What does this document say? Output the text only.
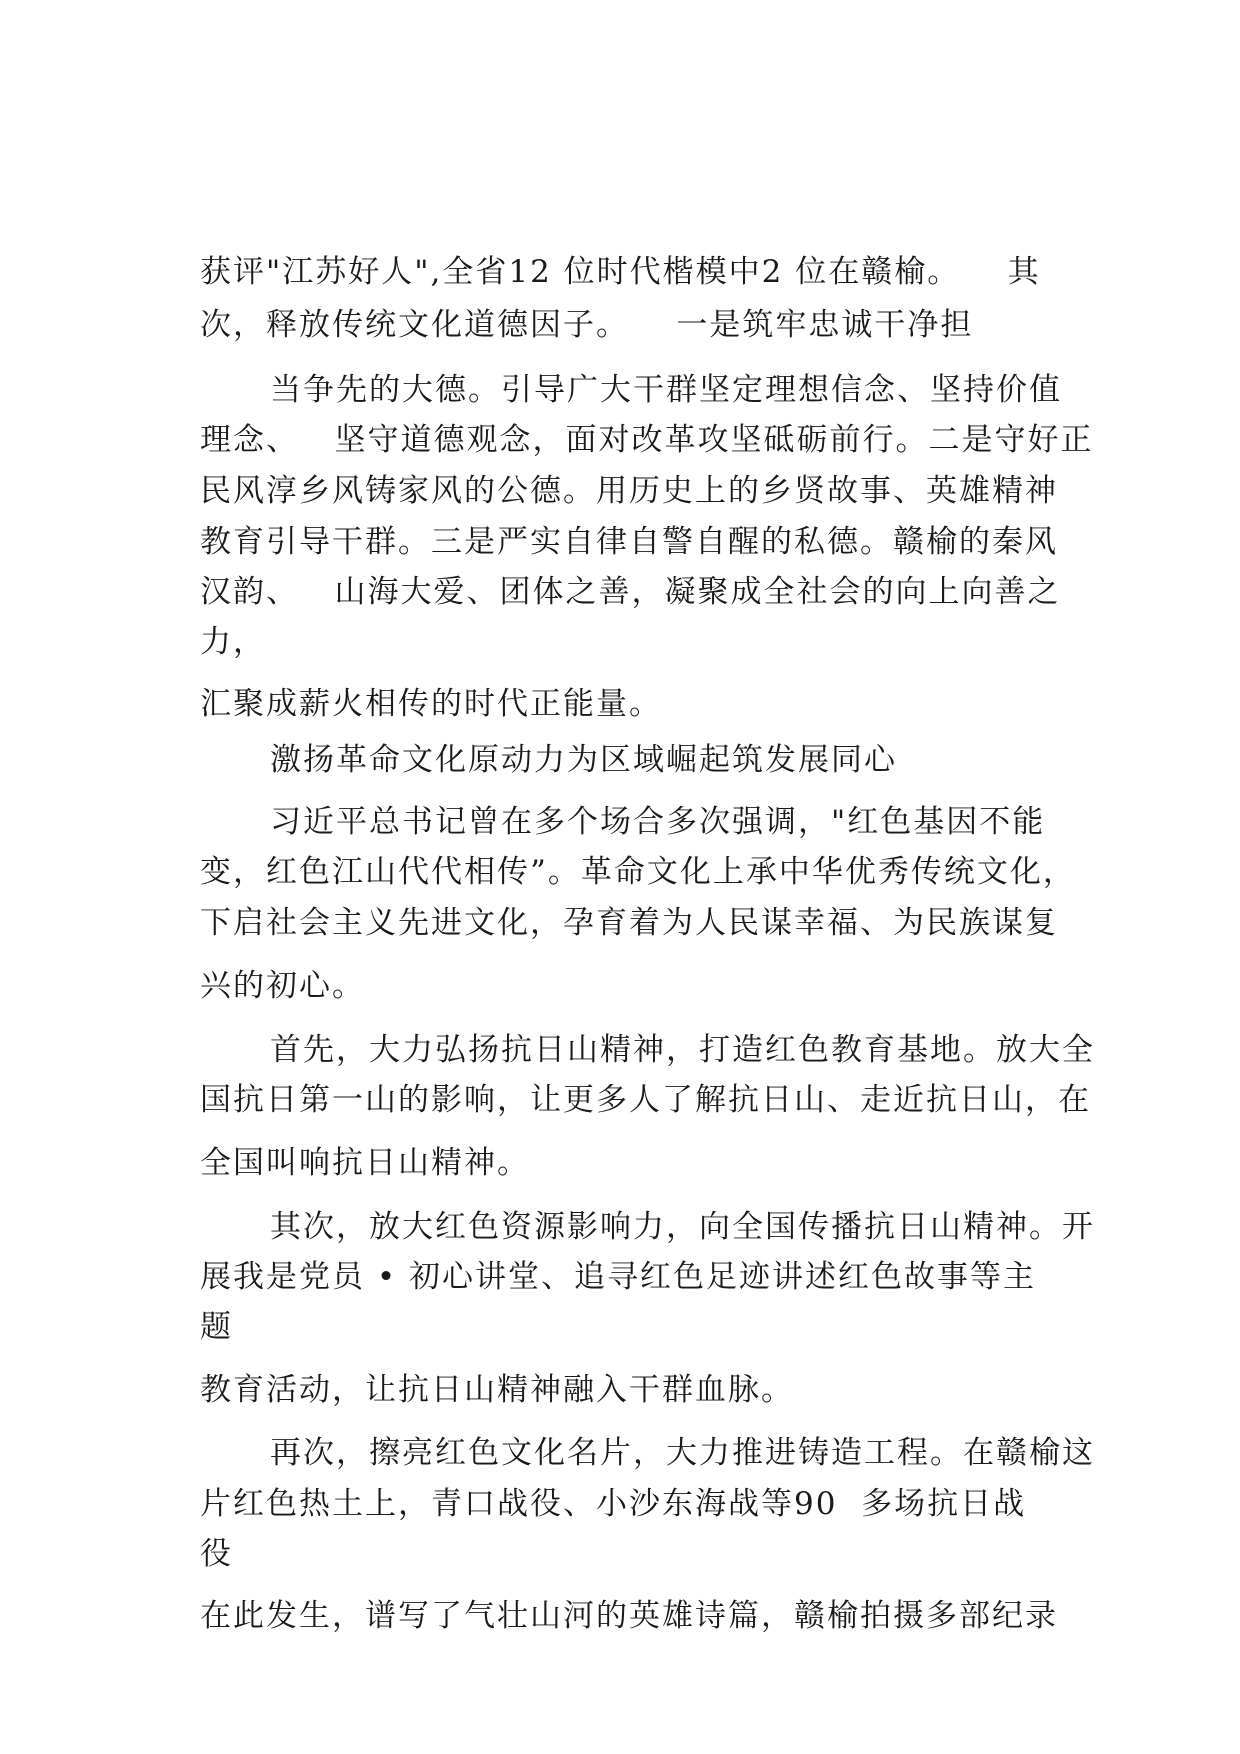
获评"江苏好人",全省12 位时代楷模中2 位在赣榆。    其
次，释放传统文化道德因子。    一是筑牢忠诚干净担
当争先的大德。引导广大干群坚定理想信念、坚持价值
理念、   坚守道德观念，面对改革攻坚砥砺前行。二是守好正
民风淳乡风铸家风的公德。用历史上的乡贤故事、英雄精神
教育引导干群。三是严实自律自警自醒的私德。赣榆的秦风
汉韵、   山海大爱、团体之善，凝聚成全社会的向上向善之
力，
汇聚成薪火相传的时代正能量。
激扬革命文化原动力为区域崛起筑发展同心
习近平总书记曾在多个场合多次强调，"红色基因不能
变，红色江山代代相传”。革命文化上承中华优秀传统文化，
下启社会主义先进文化，孕育着为人民谋幸福、为民族谋复
兴的初心。
首先，大力弘扬抗日山精神，打造红色教育基地。放大全
国抗日第一山的影响，让更多人了解抗日山、走近抗日山，在
全国叫响抗日山精神。
其次，放大红色资源影响力，向全国传播抗日山精神。开
展我是党员 • 初心讲堂、追寻红色足迹讲述红色故事等主
题
教育活动，让抗日山精神融入干群血脉。
再次，擦亮红色文化名片，大力推进铸造工程。在赣榆这
片红色热土上，青口战役、小沙东海战等90  多场抗日战
役
在此发生，谱写了气壮山河的英雄诗篇，赣榆拍摄多部纪录
